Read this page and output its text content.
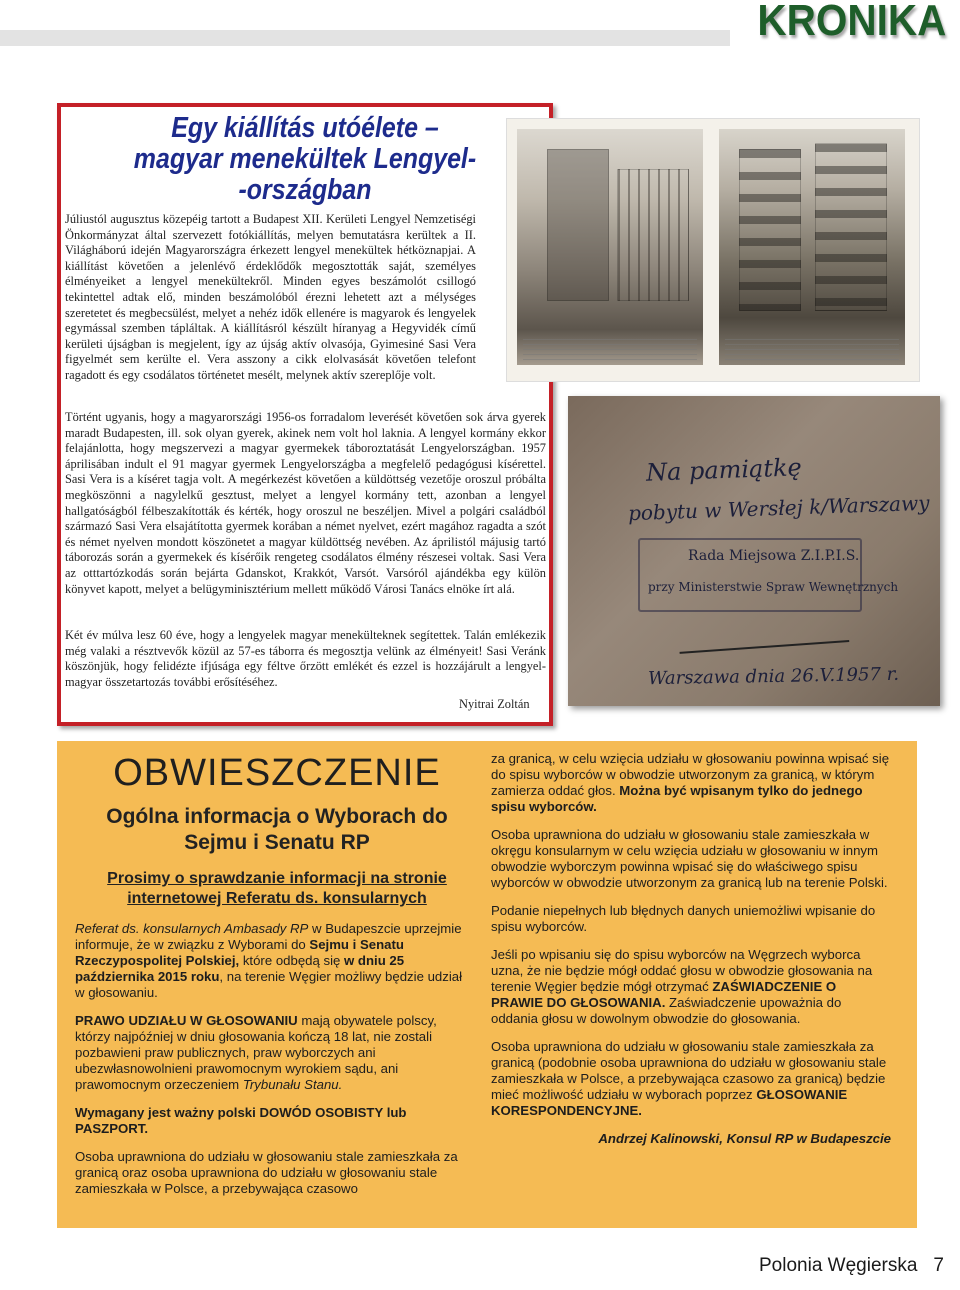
KRONIKA
Egy kiállítás utóélete –
magyar menekültek Lengyel-
-országban

Júliustól augusztus közepéig tartott a Budapest XII. Kerületi Lengyel Nemzetiségi Önkormányzat által szervezett fotókiállítás, melyen bemutatásra kerültek a II. Világháború idején Magyarországra érkezett lengyel menekültek hétköznapjai. A kiállítást követően a jelenlévő érdeklődők megosztották saját, személyes élményeiket a lengyel menekültekről. Minden egyes beszámolót csillogó tekintettel adtak elő, minden beszámolóból érezni lehetett azt a mélységes szeretetet és megbecsülést, melyet a nehéz idők ellenére is magyarok és lengyelek egymással szemben tápláltak. A kiállításról készült híranyag a Hegyvidék című kerületi újságban is megjelent, így az újság aktív olvasója, Gyimesiné Sasi Vera figyelmét sem kerülte el. Vera asszony a cikk elolvasását követően telefont ragadott és egy csodálatos történetet mesélt, melynek aktív szereplője volt.

Történt ugyanis, hogy a magyarországi 1956-os forradalom leverését követően sok árva gyerek maradt Budapesten, ill. sok olyan gyerek, akinek nem volt hol laknia. A lengyel kormány ekkor felajánlotta, hogy megszervezi a magyar gyermekek táboroztatását Lengyelországban. 1957 áprilisában indult el 91 magyar gyermek Lengyelországba a megfelelő pedagógusi kísérettel. Sasi Vera is a kíséret tagja volt. A megérkezést követően a küldöttség vezetője oroszul próbálta megköszönni a nagylelkű gesztust, melyet a lengyel kormány tett, azonban a lengyel hallgatóságból félbeszakították és kérték, hogy oroszul ne beszéljen. Mivel a polgári családból származó Sasi Vera elsajátította gyermek korában a német nyelvet, ezért magához ragadta a szót és német nyelven mondott köszönetet a magyar küldöttség nevében. Az áprilistól májusig tartó táborozás során a gyermekek és kísérőik rengeteg csodálatos élmény részesei voltak. Sasi Vera az otttartózkodás során bejárta Gdanskot, Krakkót, Varsót. Varsóról ajándékba egy külön könyvet kapott, melyet a belügyminisztérium mellett működő Városi Tanács elnöke írt alá.

Két év múlva lesz 60 éve, hogy a lengyelek magyar menekülteknek segítettek. Talán emlékezik még valaki a résztvevők közül az 57-es táborra és megosztja velünk az élményeit! Sasi Veránk köszönjük, hogy felidézte ifjúsága egy féltve őrzött emlékét és ezzel is hozzájárult a lengyel-magyar összetartozás további erősítéséhez.

Nyitrai Zoltán
Na pamiątkę
pobytu w Wersłej k/Warszawy
Rada Miejsowa Z.I.P.I.S.
przy Ministerstwie Spraw Wewnętrznych
Warszawa dnia 26.V.1957 r.
OBWIESZCZENIE
Ogólna informacja o Wyborach do Sejmu i Senatu RP
Prosimy o sprawdzanie informacji na stronie internetowej Referatu ds. konsularnych

Referat ds. konsularnych Ambasady RP w Budapeszcie uprzejmie informuje, że w związku z Wyborami do Sejmu i Senatu Rzeczypospolitej Polskiej, które odbędą się w dniu 25 października 2015 roku, na terenie Węgier możliwy będzie udział w głosowaniu.

PRAWO UDZIAŁU W GŁOSOWANIU mają obywatele polscy, którzy najpóźniej w dniu głosowania kończą 18 lat, nie zostali pozbawieni praw publicznych, praw wyborczych ani ubezwłasnowolnieni prawomocnym wyrokiem sądu, ani prawomocnym orzeczeniem Trybunału Stanu.

Wymagany jest ważny polski DOWÓD OSOBISTY lub PASZPORT.

Osoba uprawniona do udziału w głosowaniu stale zamieszkała za granicą oraz osoba uprawniona do udziału w głosowaniu stale zamieszkała w Polsce, a przebywająca czasowo

za granicą, w celu wzięcia udziału w głosowaniu powinna wpisać się do spisu wyborców w obwodzie utworzonym za granicą, w którym zamierza oddać głos. Można być wpisanym tylko do jednego spisu wyborców.

Osoba uprawniona do udziału w głosowaniu stale zamieszkała w okręgu konsularnym w celu wzięcia udziału w głosowaniu w innym obwodzie wyborczym powinna wpisać się do właściwego spisu wyborców w obwodzie utworzonym za granicą lub na terenie Polski.

Podanie niepełnych lub błędnych danych uniemożliwi wpisanie do spisu wyborców.

Jeśli po wpisaniu się do spisu wyborców na Węgrzech wyborca uzna, że nie będzie mógł oddać głosu w obwodzie głosowania na terenie Węgier będzie mógł otrzymać ZAŚWIADCZENIE O PRAWIE DO GŁOSOWANIA. Zaświadczenie upoważnia do oddania głosu w dowolnym obwodzie do głosowania.

Osoba uprawniona do udziału w głosowaniu stale zamieszkała za granicą (podobnie osoba uprawniona do udziału w głosowaniu stale zamieszkała w Polsce, a przebywająca czasowo za granicą) będzie mieć możliwość udziału w wyborach poprzez GŁOSOWANIE KORESPONDENCYJNE.

Andrzej Kalinowski, Konsul RP w Budapeszcie

Polonia Węgierska 7
